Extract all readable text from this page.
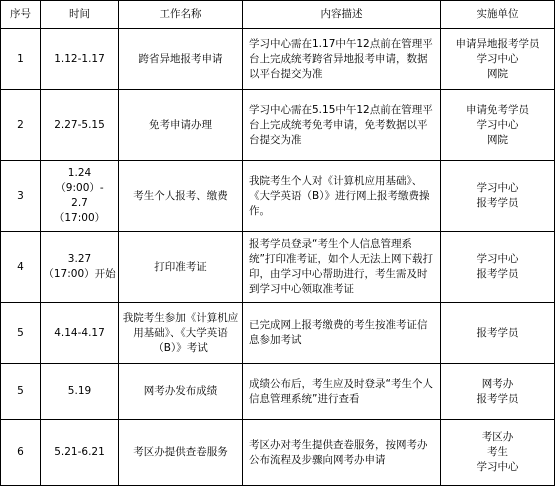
序号	时间	工作名称	内容描述	实施单位
1	1.12-1.17	跨省异地报考申请	学习中心需在1.17中午12点前在管理平台上完成统考跨省异地报考申请，数据以平台提交为准	申请异地报考学员
学习中心
网院
2	2.27-5.15	免考申请办理	学习中心需在5.15中午12点前在管理平台上完成统考免考申请，免考数据以平台提交为准	申请免考学员
学习中心
网院
3	1.24
（9:00）-
2.7
（17:00）	考生个人报考、缴费	我院考生个人对《计算机应用基础》、《大学英语（B）》进行网上报考缴费操作。	学习中心
报考学员
4	3.27
（17:00）开始	打印准考证	报考学员登录“考生个人信息管理系统”打印准考证，如个人无法上网下载打印，由学习中心帮助进行，考生需及时到学习中心领取准考证	学习中心
报考学员
5	4.14-4.17	我院考生参加《计算机应用基础》、《大学英语（B）》考试	已完成网上报考缴费的考生按准考证信息参加考试	报考学员
5	5.19	网考办发布成绩	成绩公布后，考生应及时登录“考生个人信息管理系统”进行查看	网考办
报考学员
6	5.21-6.21	考区办提供查卷服务	考区办对考生提供查卷服务，按网考办公布流程及步骤向网考办申请	考区办
考生
学习中心
